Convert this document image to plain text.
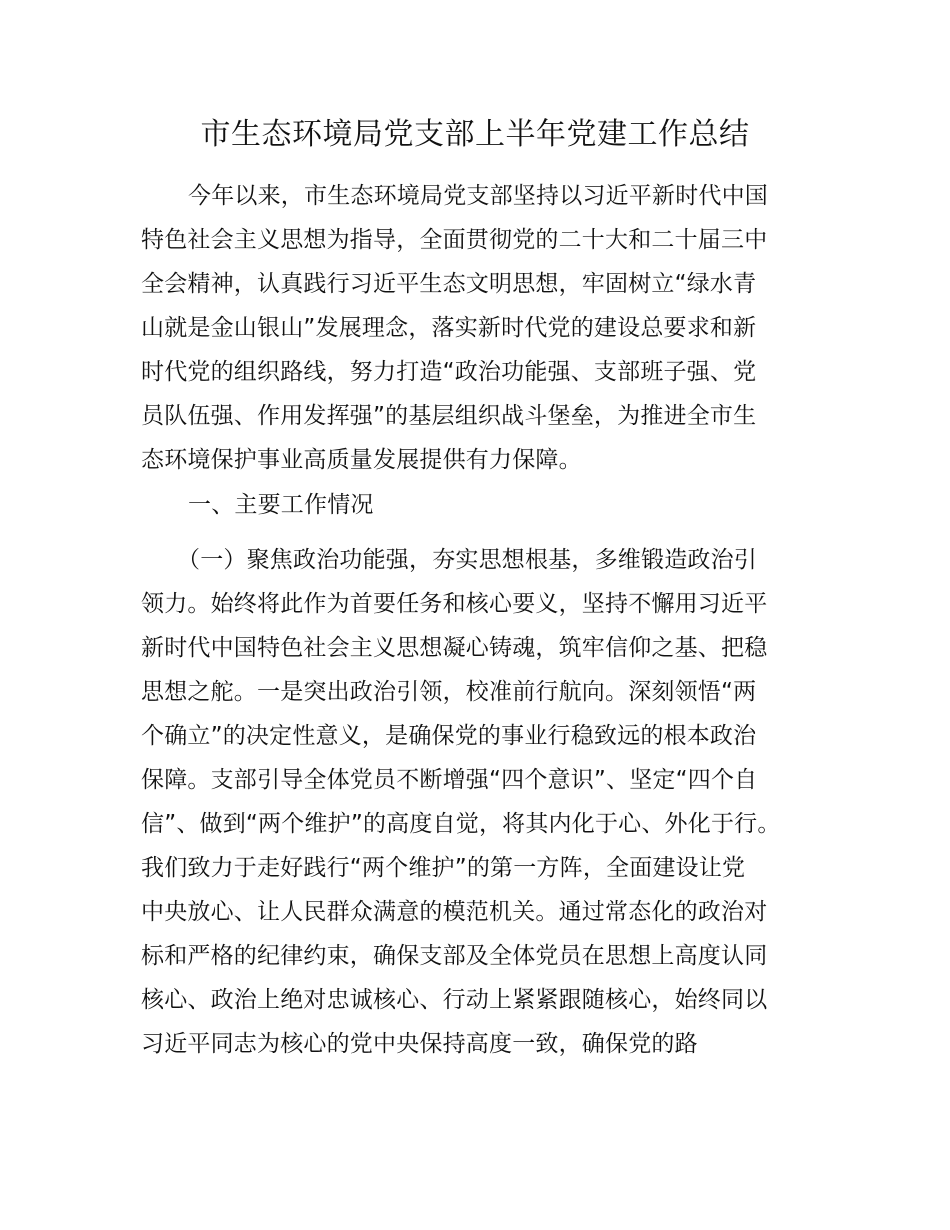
市生态环境局党支部上半年党建工作总结
今年以来，市生态环境局党支部坚持以习近平新时代中国
特色社会主义思想为指导，全面贯彻党的二十大和二十届三中
全会精神，认真践行习近平生态文明思想，牢固树立“绿水青
山就是金山银山”发展理念，落实新时代党的建设总要求和新
时代党的组织路线，努力打造“政治功能强、支部班子强、党
员队伍强、作用发挥强”的基层组织战斗堡垒，为推进全市生
态环境保护事业高质量发展提供有力保障。
一、主要工作情况
（一）聚焦政治功能强，夯实思想根基，多维锻造政治引
领力。始终将此作为首要任务和核心要义，坚持不懈用习近平
新时代中国特色社会主义思想凝心铸魂，筑牢信仰之基、把稳
思想之舵。一是突出政治引领，校准前行航向。深刻领悟“两
个确立”的决定性意义，是确保党的事业行稳致远的根本政治
保障。支部引导全体党员不断增强“四个意识”、坚定“四个自
信”、做到“两个维护”的高度自觉，将其内化于心、外化于行。
我们致力于走好践行“两个维护”的第一方阵，全面建设让党
中央放心、让人民群众满意的模范机关。通过常态化的政治对
标和严格的纪律约束，确保支部及全体党员在思想上高度认同
核心、政治上绝对忠诚核心、行动上紧紧跟随核心，始终同以
习近平同志为核心的党中央保持高度一致，确保党的路
